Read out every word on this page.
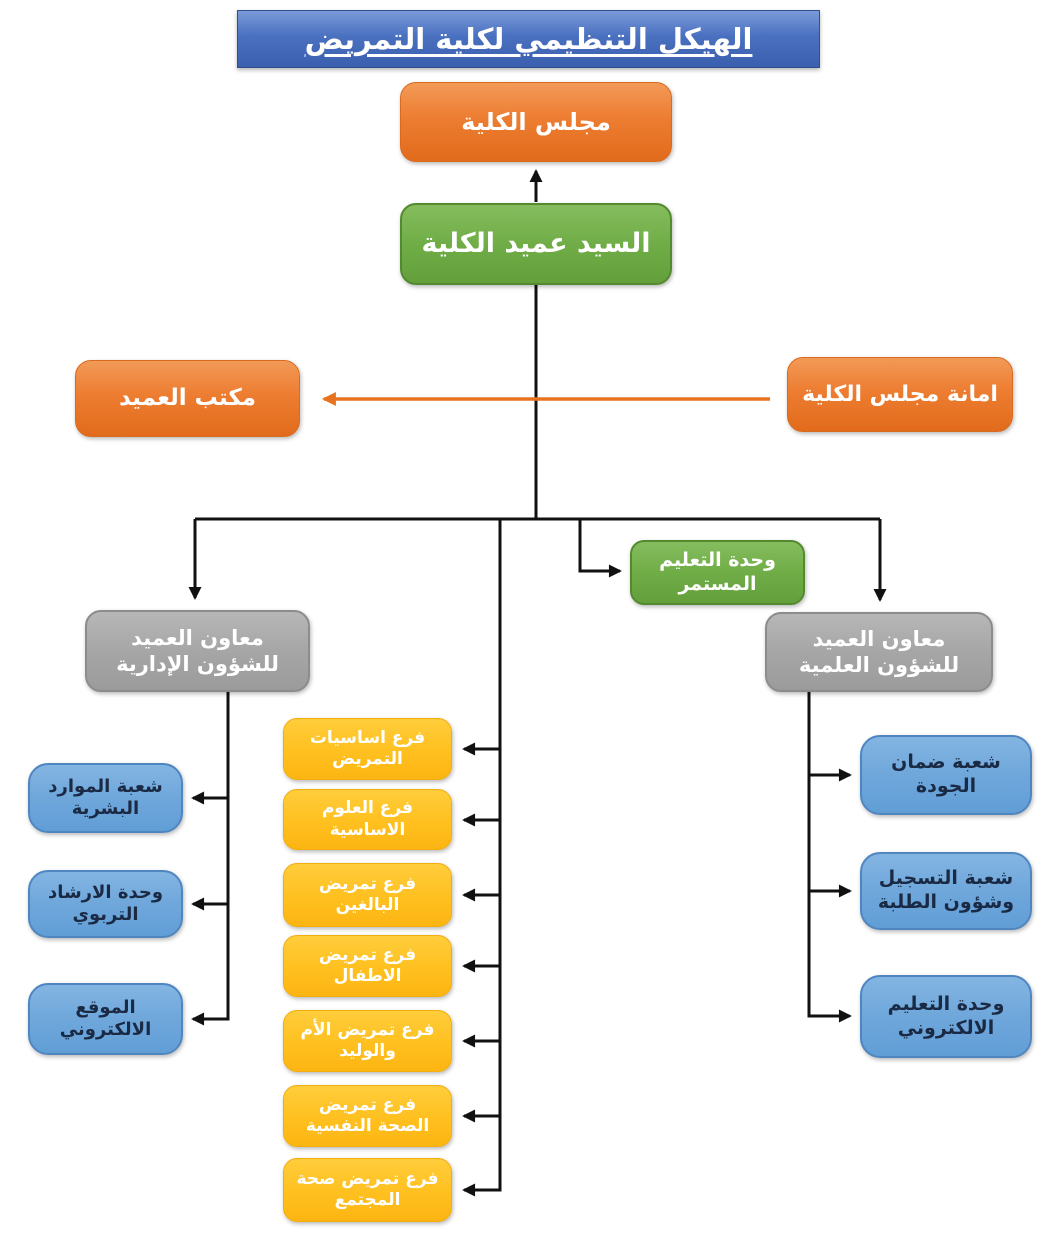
الهيكل التنظيمي لكلية التمريض
مجلس الكلية
السيد عميد الكلية
مكتب العميد	امانة مجلس الكلية
وحدة التعليم المستمر
معاون العميد للشؤون الإدارية
معاون العميد للشؤون العلمية
شعبة الموارد البشرية
وحدة الارشاد التربوي
الموقع الالكتروني
فرع اساسيات التمريض
فرع العلوم الاساسية
فرع تمريض البالغين
فرع تمريض الاطفال
فرع تمريض الأم والوليد
فرع تمريض الصحة النفسية
فرع تمريض صحة المجتمع
شعبة ضمان الجودة
شعبة التسجيل وشؤون الطلبة
وحدة التعليم الالكتروني
